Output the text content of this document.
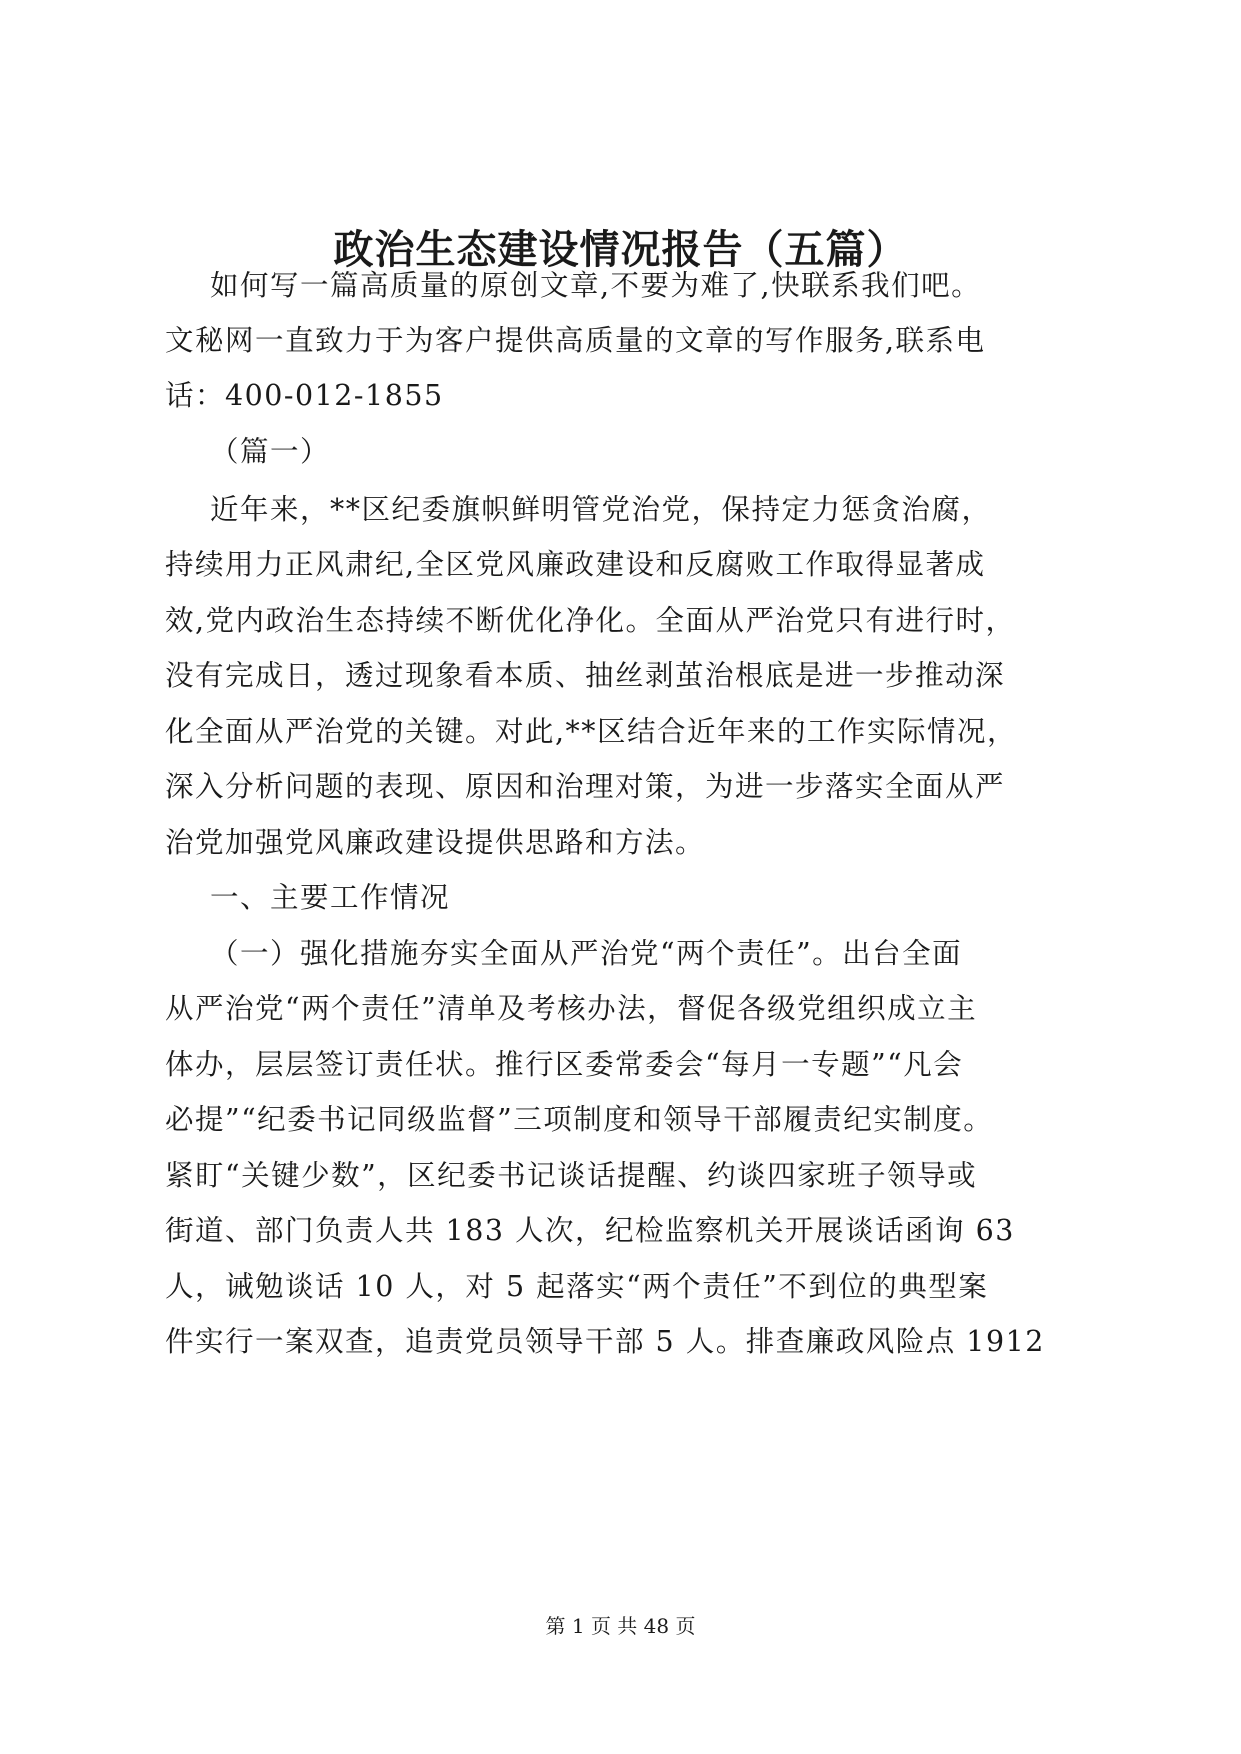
政治生态建设情况报告（五篇）
如何写一篇高质量的原创文章,不要为难了,快联系我们吧。
文秘网一直致力于为客户提供高质量的文章的写作服务,联系电
话：400-012-1855
（篇一）
近年来，**区纪委旗帜鲜明管党治党，保持定力惩贪治腐，
持续用力正风肃纪,全区党风廉政建设和反腐败工作取得显著成
效,党内政治生态持续不断优化净化。全面从严治党只有进行时，
没有完成日，透过现象看本质、抽丝剥茧治根底是进一步推动深
化全面从严治党的关键。对此,**区结合近年来的工作实际情况，
深入分析问题的表现、原因和治理对策，为进一步落实全面从严
治党加强党风廉政建设提供思路和方法。
一、主要工作情况
（一）强化措施夯实全面从严治党“两个责任”。出台全面
从严治党“两个责任”清单及考核办法，督促各级党组织成立主
体办，层层签订责任状。推行区委常委会“每月一专题”“凡会
必提”“纪委书记同级监督”三项制度和领导干部履责纪实制度。
紧盯“关键少数”，区纪委书记谈话提醒、约谈四家班子领导或
街道、部门负责人共 183 人次，纪检监察机关开展谈话函询 63
人，诫勉谈话 10 人，对 5 起落实“两个责任”不到位的典型案
件实行一案双查，追责党员领导干部 5 人。排查廉政风险点 1912
第 1 页 共 48 页
